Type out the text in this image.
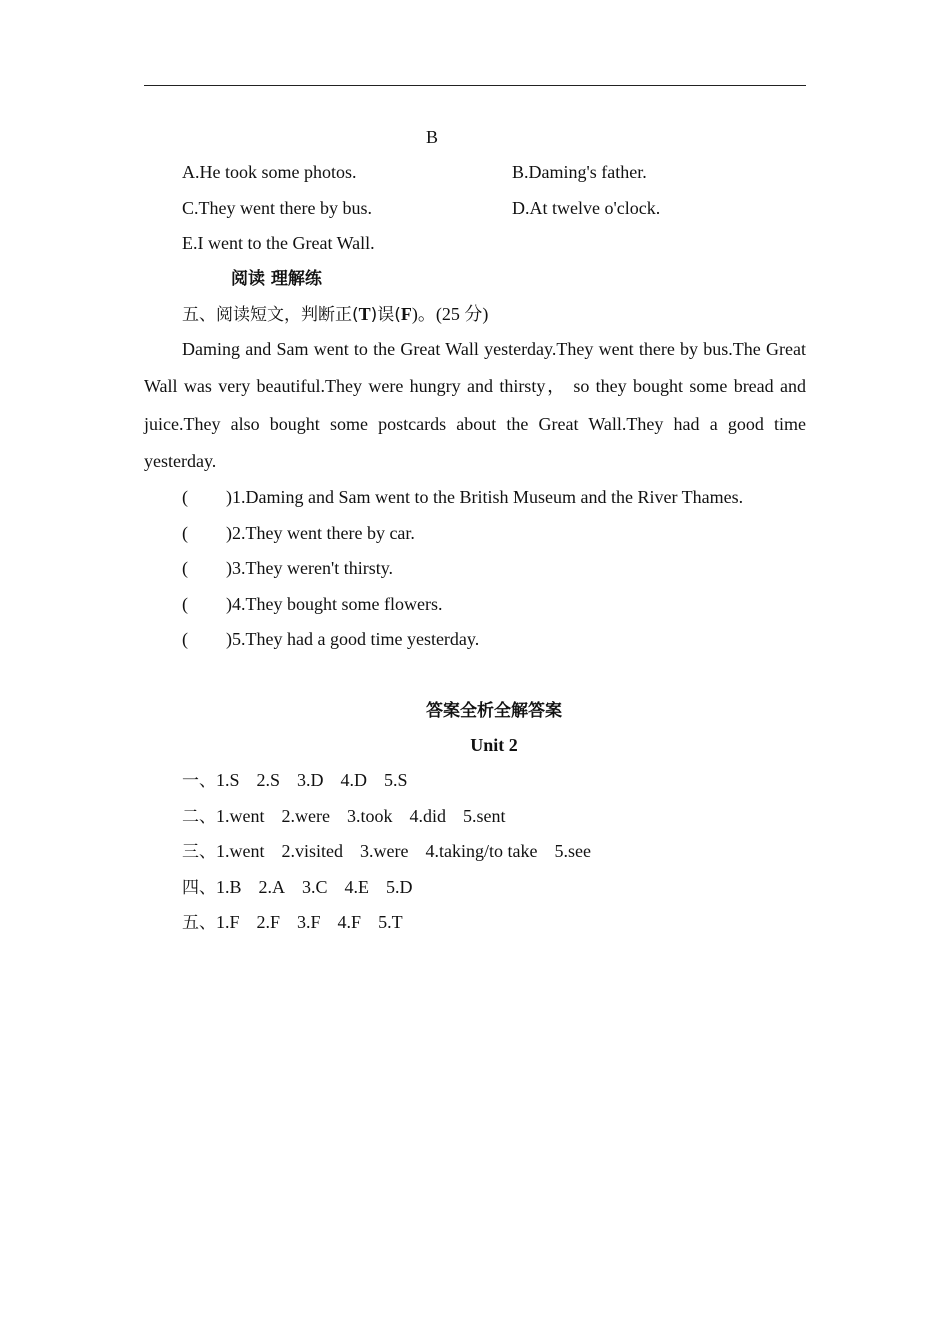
B
A.He took some photos.	B.Daming's father.
C.They went there by bus.	D.At twelve o'clock.
E.I went to the Great Wall.
阅读 理解练
五、阅读短文，判断正(T)误(F)。(25 分)
Daming and Sam went to the Great Wall yesterday.They went there by bus.The Great Wall was very beautiful.They were hungry and thirsty， so they bought some bread and juice.They also bought some postcards about the Great Wall.They had a good time yesterday.
( )1.Daming and Sam went to the British Museum and the River Thames.
( )2.They went there by car.
( )3.They weren't thirsty.
( )4.They bought some flowers.
( )5.They had a good time yesterday.
答案全析全解答案
Unit 2
一、1.S 2.S 3.D 4.D 5.S
二、1.went 2.were 3.took 4.did 5.sent
三、1.went 2.visited 3.were 4.taking/to take 5.see
四、1.B 2.A 3.C 4.E 5.D
五、1.F 2.F 3.F 4.F 5.T
